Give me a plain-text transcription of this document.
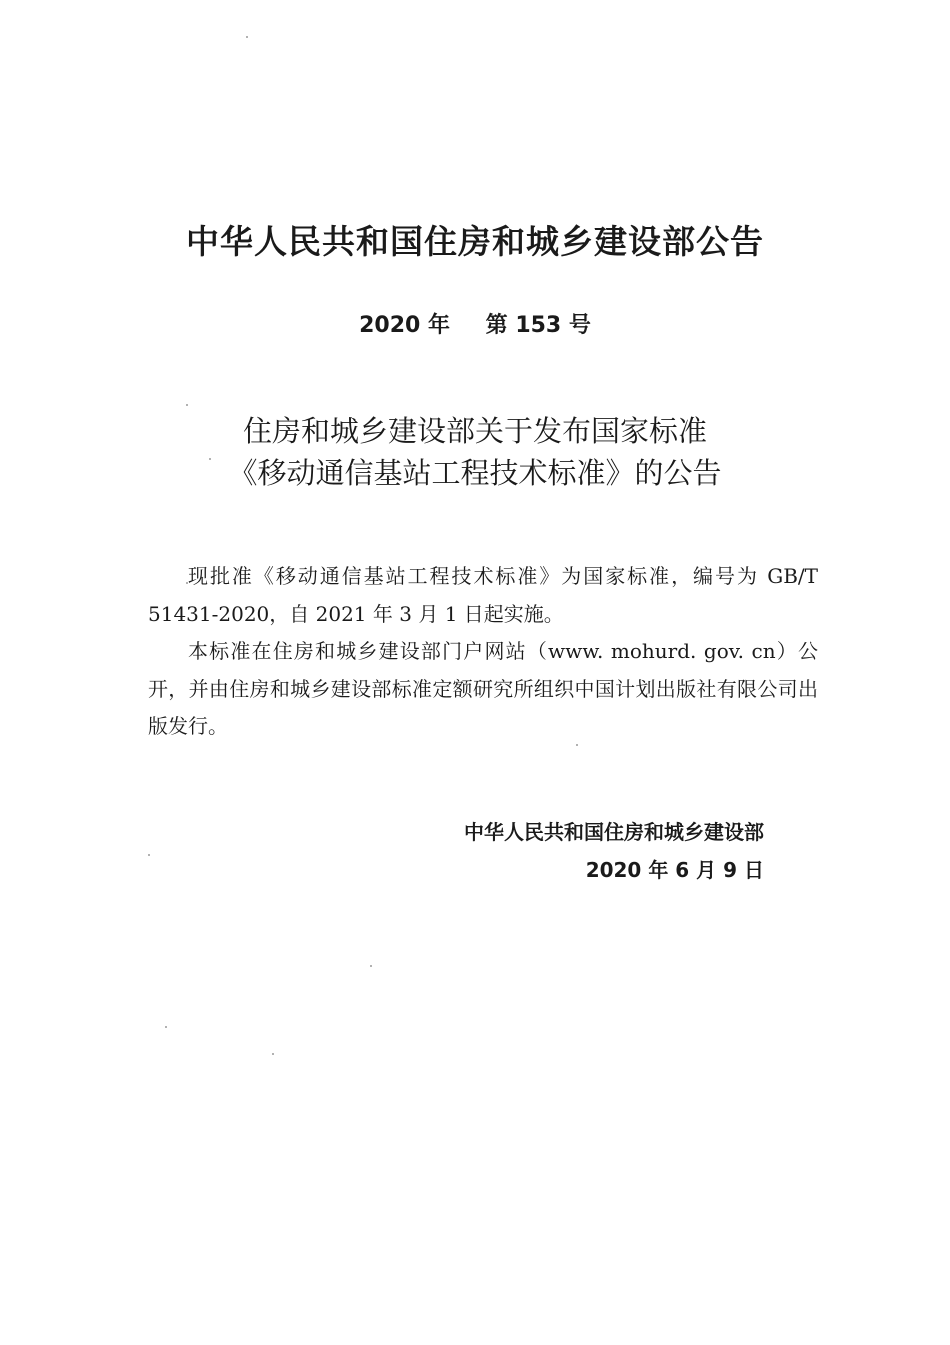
中华人民共和国住房和城乡建设部公告
2020 年 第 153 号
住房和城乡建设部关于发布国家标准
《移动通信基站工程技术标准》的公告

现批准《移动通信基站工程技术标准》为国家标准，编号为 GB/T 51431-2020，自 2021 年 3 月 1 日起实施。

本标准在住房和城乡建设部门户网站（www. mohurd. gov. cn）公开，并由住房和城乡建设部标准定额研究所组织中国计划出版社有限公司出版发行。

中华人民共和国住房和城乡建设部
2020 年 6 月 9 日
